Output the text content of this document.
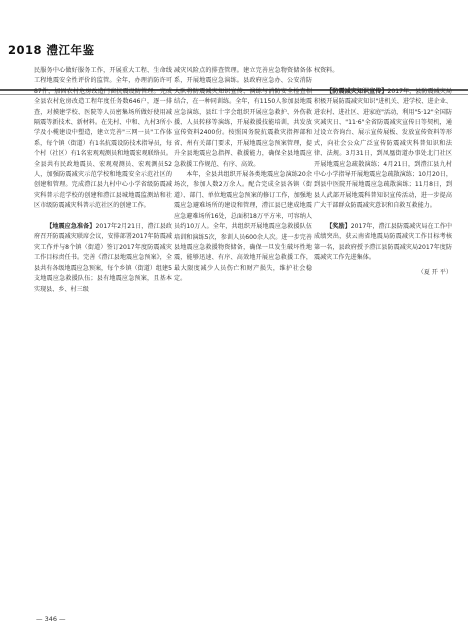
2018 澧江年鉴

民服务中心做好服务工作，开展重大工程、生命线工程地震安全性评价的监管。全年，办理消防许可87件，加固农村危房改造门窗抗震设防管理。完成全县农村危房改造工程年度任务数646户，逐一排查，对摸建学校、医院等人员密集场所做好使用减隔震等新技术、新材料。在先村、中和、九村3所小学及小榄建设中塑造，建立完善"三网一员"工作体系，每个镇（街道）有1名抗震设防技术指导员，每个村（社区）有1名宏观观测员和地震宏观联络员。全县共有民政地震员、宏观观测员、宏观测员52人，加强防震减灾示范学校和地震安全示范社区的创建和管理。完成澧江县九村中心小学省级防震减灾科普示范学校的创建和澧江县城地震监测站和社区市级防震减灾科普示范社区的创建工作。

【地震应急准备】2017年2月21日，澧江县政府召开防震减灾联席会议，安排部署2017年防震减灾工作并与8个镇（街道）签订2017年度防震减灾工作目标责任书。完善《澧江县地震应急预案》，全县共有各级地震应急预案，每个乡镇（街道）组建5支地震应急救援队伍；县有地震应急预案，且基本实现县、乡、村三级

减灾风险点的排查管理。建立完善应急物资储备体系，开展地震应急演练。县政府应急办、公安消防大队将防震减灾知识宣传、演练与消防安全检查相结合，在一种同训练。全年，有1150人参加县地震应急演练，县红十字会组织开展应急救护、外伤救援、人员转移等演练，开展救援技能培训，共发放宣传资料2400份。按照国务院抗震救灾指挥部和省、州有关部门要求，开展地震应急预案管理，提升全县地震应急指挥、救援能力，确保全县地震应急救援工作规范、有序、高效。

本年，全县共组织开展各类地震应急演练20余场次，参加人数2万余人。配合完成全县各镇（街道）、部门、单位地震应急预案的修订工作，加强地震应急避难场所的建设和管理，澧江县已建成地震应急避难场所16处，总面积18万平方米，可容纳人员约10万人。全年，共组织开展地震应急救援队伍培训和演练5次，参训人员600余人次。进一步完善县地震应急救援物资储备，确保一旦发生破坏性地震，能够迅速、有序、高效地开展应急救援工作，最大限度减少人员伤亡和财产损失，维护社会稳定。

权资料。

【防震减灾知识宣传】2017年，县防震减灾局积极开展防震减灾知识"进机关、进学校、进企业、进农村、进社区、进家庭"活动，利用"5·12"全国防灾减灾日、"11·6"全省防震减灾宣传日等契机，通过设立咨询台、展示宣传展板、发放宣传资料等形式，向社会公众广泛宣传防震减灾科普知识和法律、法规。3月31日，到凤凰街道办事处北门社区开展地震应急疏散演练；4月21日，到澧江县九村中心小学指导开展地震应急疏散演练；10月20日，到县中医院开展地震应急疏散演练；11月8日，到县人武部开展地震科普知识宣传活动，进一步提高广大干部群众防震减灾意识和自救互救能力。

【奖励】2017年，澧江县防震减灾局在工作中成绩突出，获云南省地震局防震减灾工作目标考核第一名，县政府授予澧江县防震减灾局2017年度防震减灾工作先进集体。

（夏 开 平）
— 346 —
